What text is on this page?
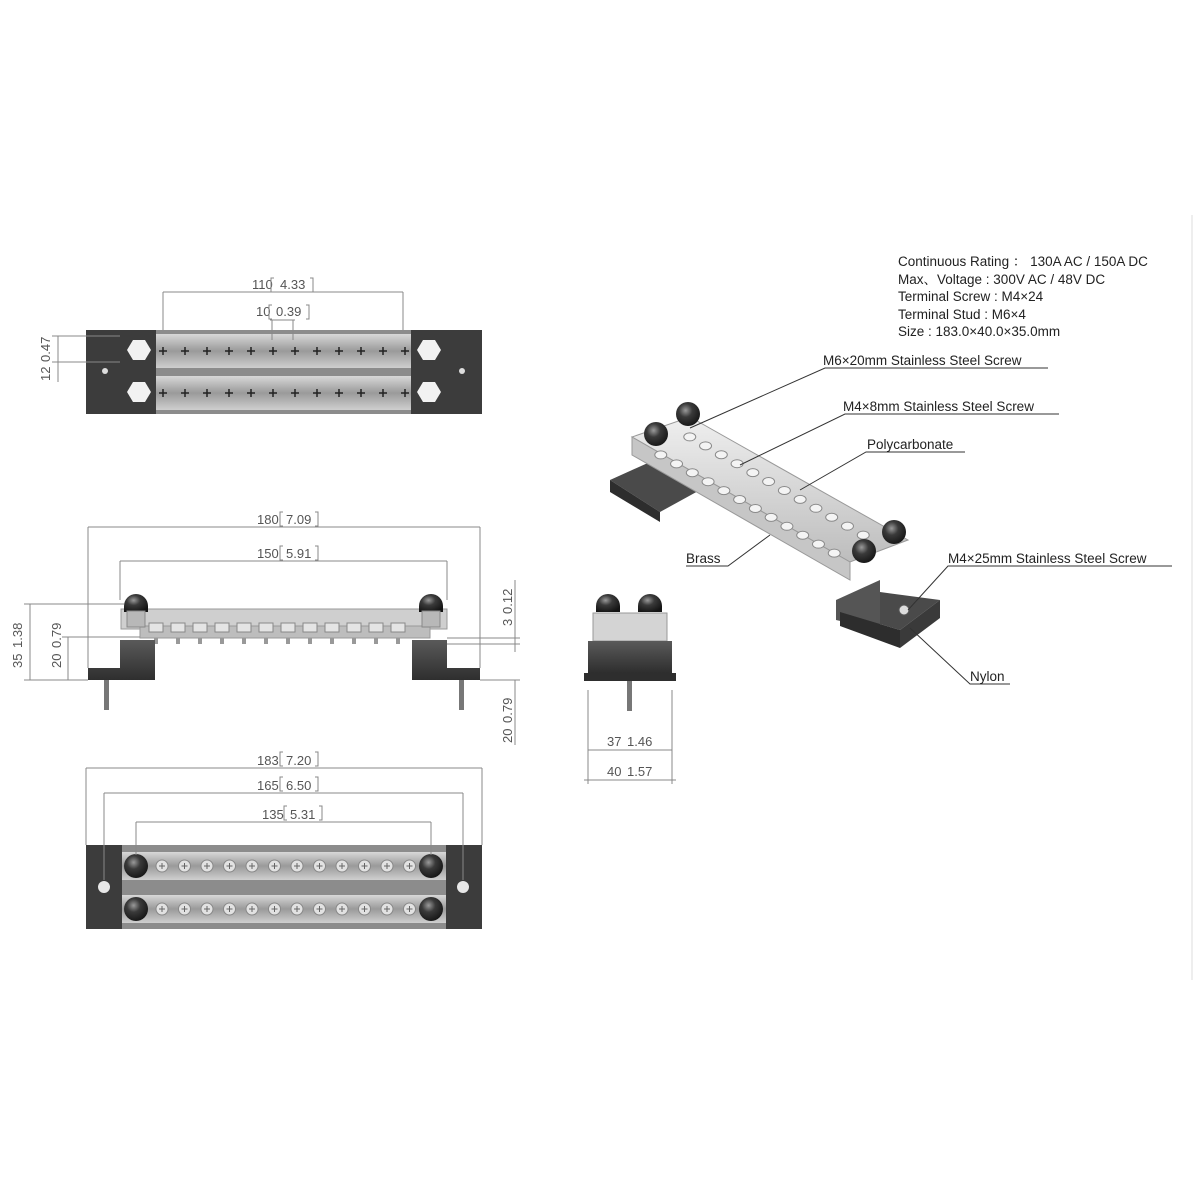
110 4.33
10 0.39
12
0.47
180 7.09
150 5.91
35
1.38
20
0.79
3
0.12
20
0.79
37 1.46
40 1.57
183 7.20
165 6.50
135 5.31
M6×20mm Stainless Steel Screw
M4×8mm Stainless Steel Screw
Polycarbonate
Brass	M4×25mm Stainless Steel Screw
Nylon
Continuous Rating ： 130A AC / 150A DC
Max、Voltage : 300V AC / 48V DC
Terminal Screw : M4×24
Terminal Stud : M6×4
Size : 183.0×40.0×35.0mm
